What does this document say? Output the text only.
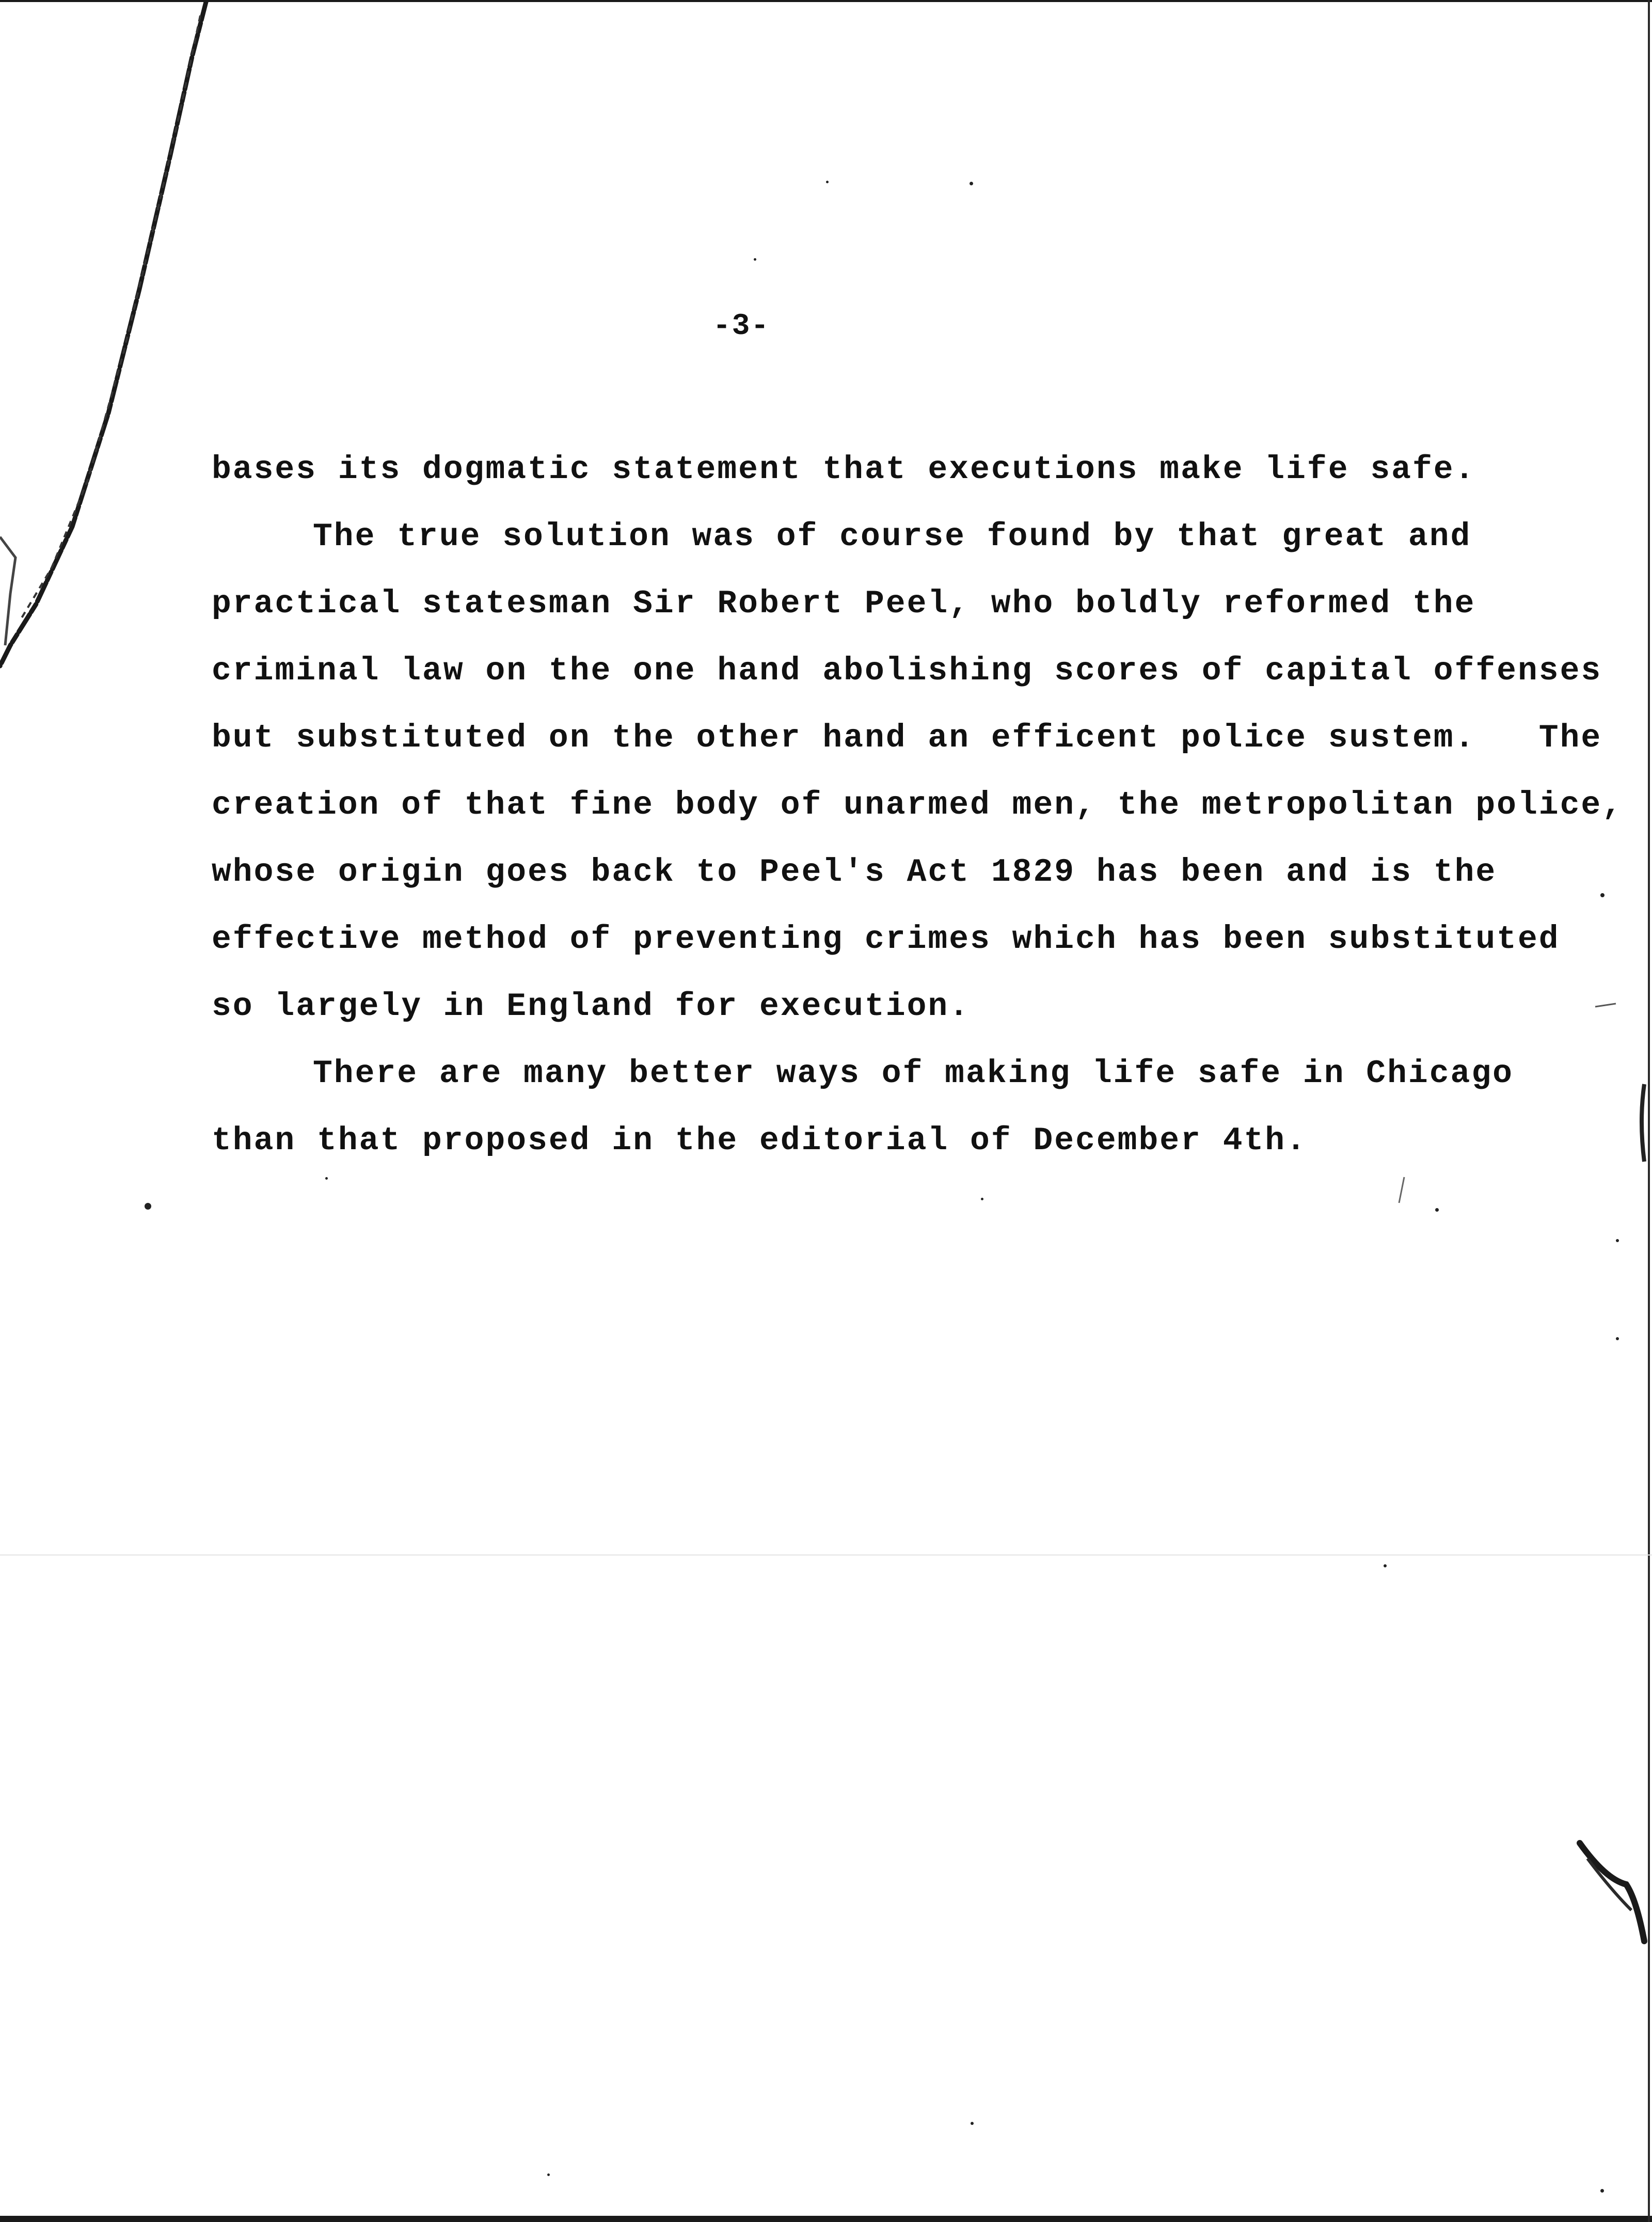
-3-
bases its dogmatic statement that executions make life safe.
The true solution was of course found by that great and
practical statesman Sir Robert Peel, who boldly reformed the
criminal law on the one hand abolishing scores of capital offenses
but substituted on the other hand an efficent police sustem.   The
creation of that fine body of unarmed men, the metropolitan police,
whose origin goes back to Peel's Act 1829 has been and is the
effective method of preventing crimes which has been substituted
so largely in England for execution.
There are many better ways of making life safe in Chicago
than that proposed in the editorial of December 4th.
